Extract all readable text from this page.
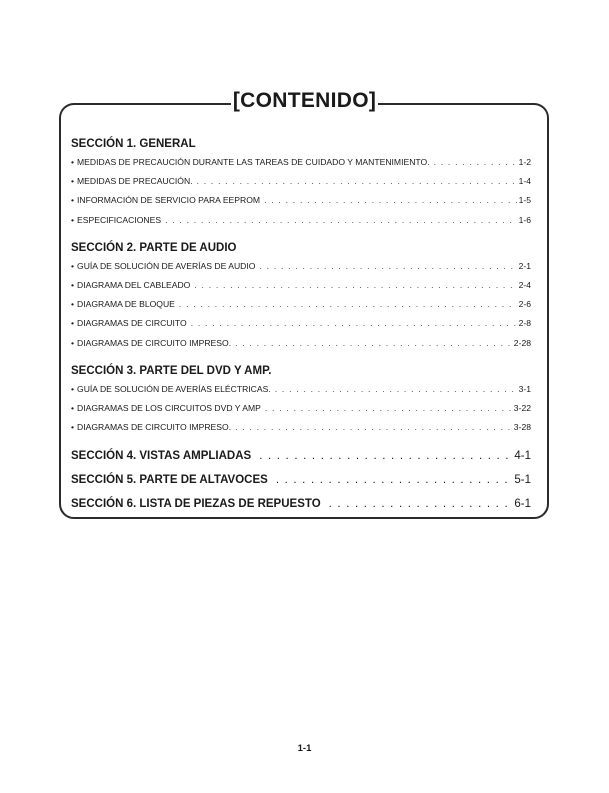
[CONTENIDO]
SECCIÓN 1. GENERAL
• MEDIDAS DE PRECAUCIÓN DURANTE LAS TAREAS DE CUIDADO Y MANTENIMIENTO. . . .	1-2
• MEDIDAS DE PRECAUCIÓN. . . .	1-4
• INFORMACIÓN DE SERVICIO PARA EEPROM . . .	1-5
• ESPECIFICACIONES . . .	1-6
SECCIÓN 2. PARTE DE AUDIO
• GUÍA DE SOLUCIÓN DE AVERÍAS DE AUDIO . . .	2-1
• DIAGRAMA DEL CABLEADO . . .	2-4
• DIAGRAMA DE BLOQUE . . .	2-6
• DIAGRAMAS DE CIRCUITO . . .	2-8
• DIAGRAMAS DE CIRCUITO IMPRESO. . . .	2-28
SECCIÓN 3. PARTE DEL DVD Y AMP.
• GUÍA DE SOLUCIÓN DE AVERÍAS ELÉCTRICAS. . . .	3-1
• DIAGRAMAS DE LOS CIRCUITOS DVD Y AMP . . .	3-22
• DIAGRAMAS DE CIRCUITO IMPRESO. . . .	3-28
SECCIÓN 4. VISTAS AMPLIADAS . . .	4-1
SECCIÓN 5. PARTE DE ALTAVOCES . . .	5-1
SECCIÓN 6. LISTA DE PIEZAS DE REPUESTO . . .	6-1
1-1
